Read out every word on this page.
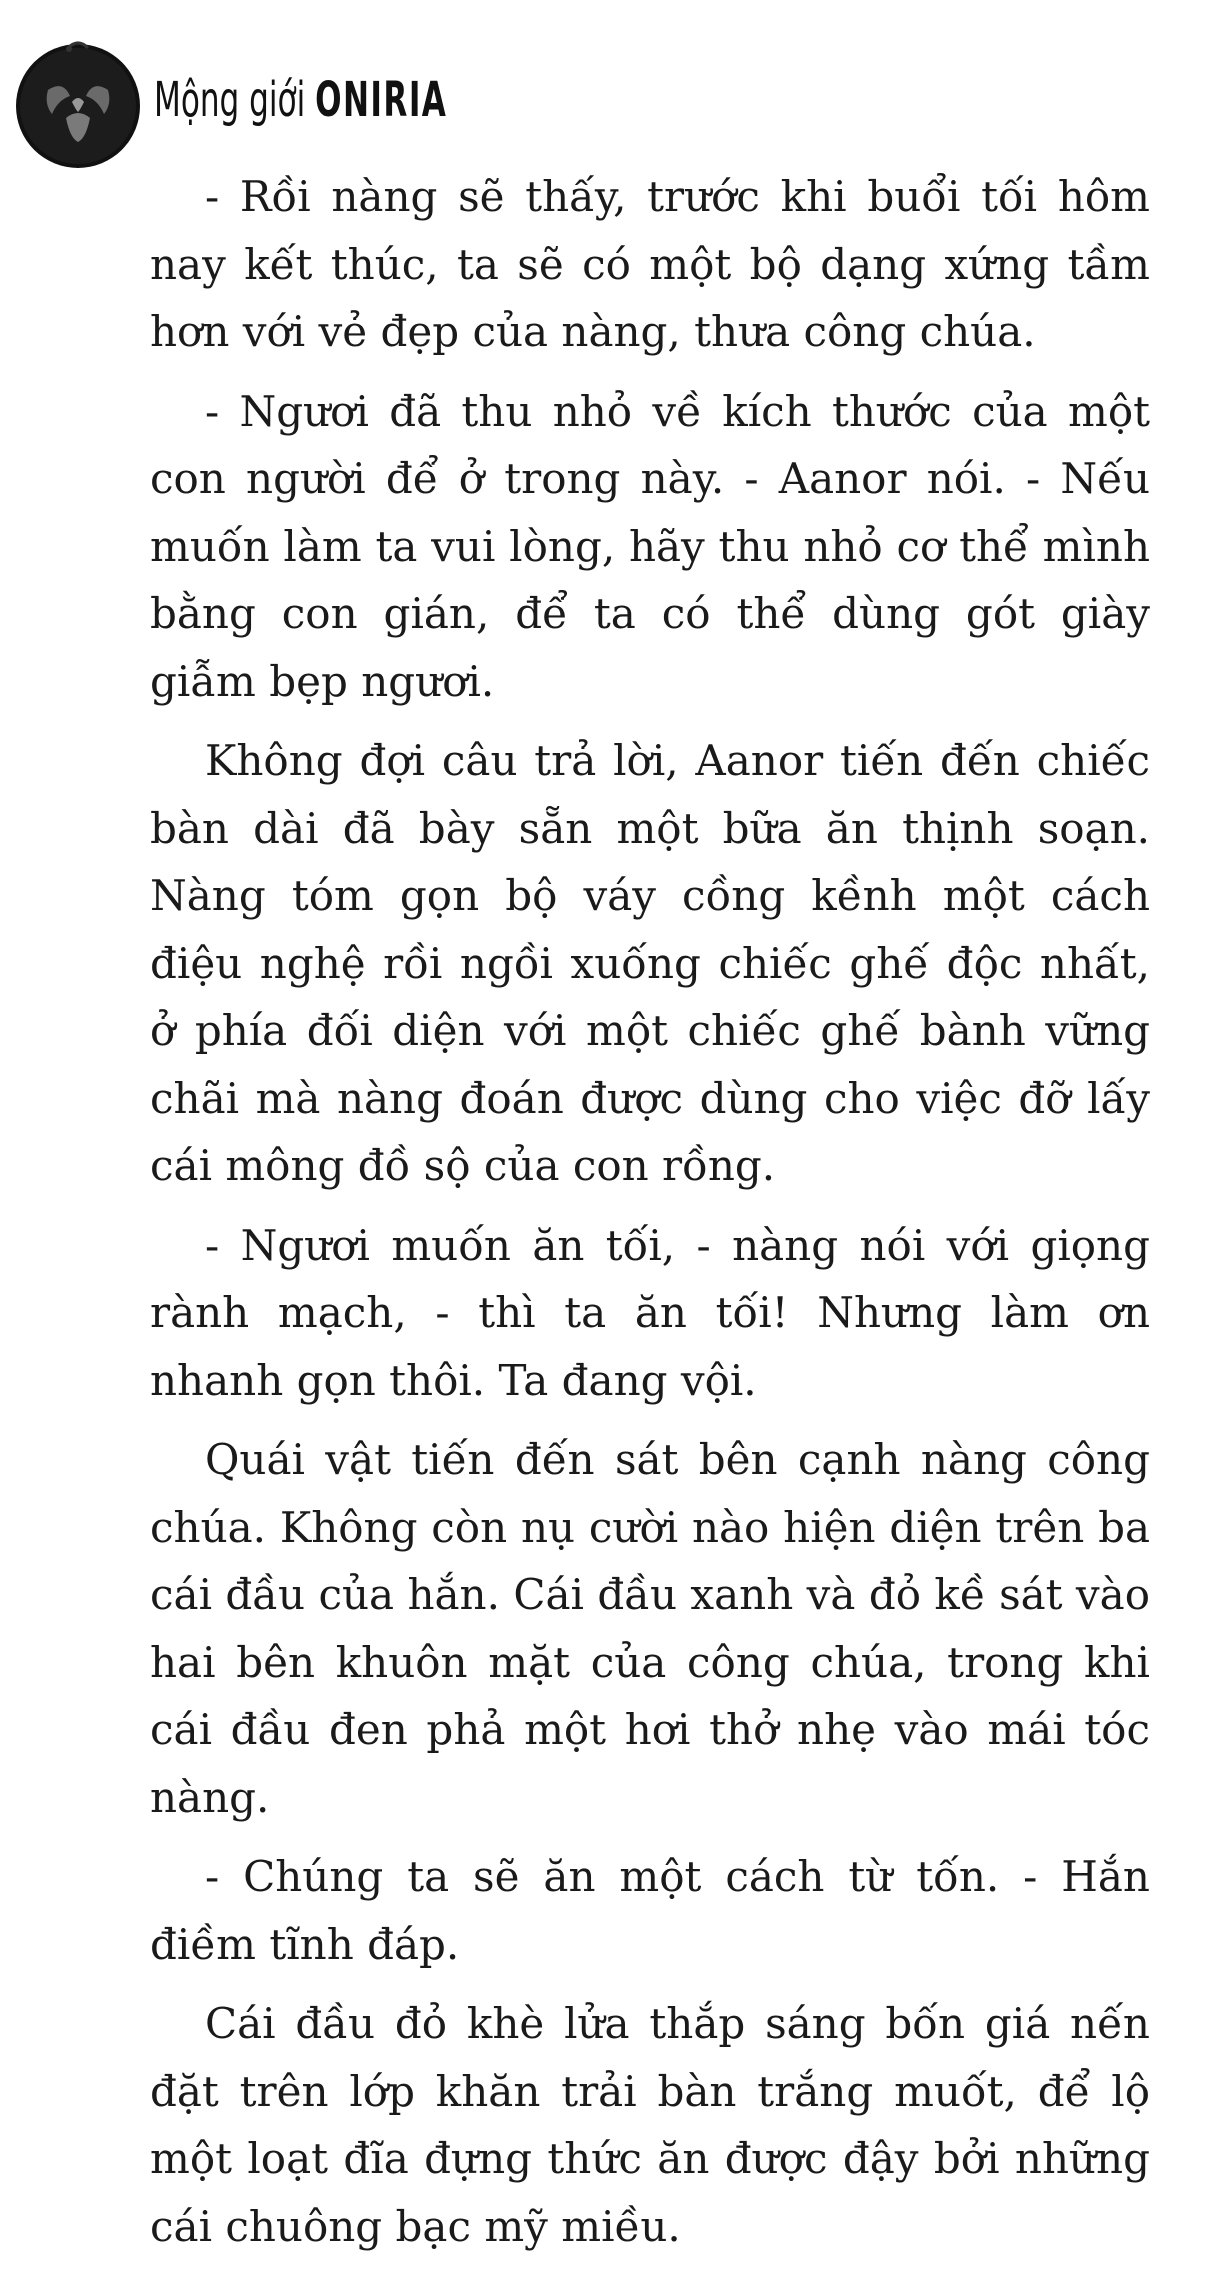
Mộng giới ONIRIA

- Rồi nàng sẽ thấy, trước khi buổi tối hôm nay kết thúc, ta sẽ có một bộ dạng xứng tầm hơn với vẻ đẹp của nàng, thưa công chúa.

- Ngươi đã thu nhỏ về kích thước của một con người để ở trong này. - Aanor nói. - Nếu muốn làm ta vui lòng, hãy thu nhỏ cơ thể mình bằng con gián, để ta có thể dùng gót giày giẫm bẹp ngươi.

Không đợi câu trả lời, Aanor tiến đến chiếc bàn dài đã bày sẵn một bữa ăn thịnh soạn. Nàng tóm gọn bộ váy cồng kềnh một cách điệu nghệ rồi ngồi xuống chiếc ghế độc nhất, ở phía đối diện với một chiếc ghế bành vững chãi mà nàng đoán được dùng cho việc đỡ lấy cái mông đồ sộ của con rồng.

- Ngươi muốn ăn tối, - nàng nói với giọng rành mạch, - thì ta ăn tối! Nhưng làm ơn nhanh gọn thôi. Ta đang vội.

Quái vật tiến đến sát bên cạnh nàng công chúa. Không còn nụ cười nào hiện diện trên ba cái đầu của hắn. Cái đầu xanh và đỏ kề sát vào hai bên khuôn mặt của công chúa, trong khi cái đầu đen phả một hơi thở nhẹ vào mái tóc nàng.

- Chúng ta sẽ ăn một cách từ tốn. - Hắn điềm tĩnh đáp.

Cái đầu đỏ khè lửa thắp sáng bốn giá nến đặt trên lớp khăn trải bàn trắng muốt, để lộ một loạt đĩa đựng thức ăn được đậy bởi những cái chuông bạc mỹ miều.
